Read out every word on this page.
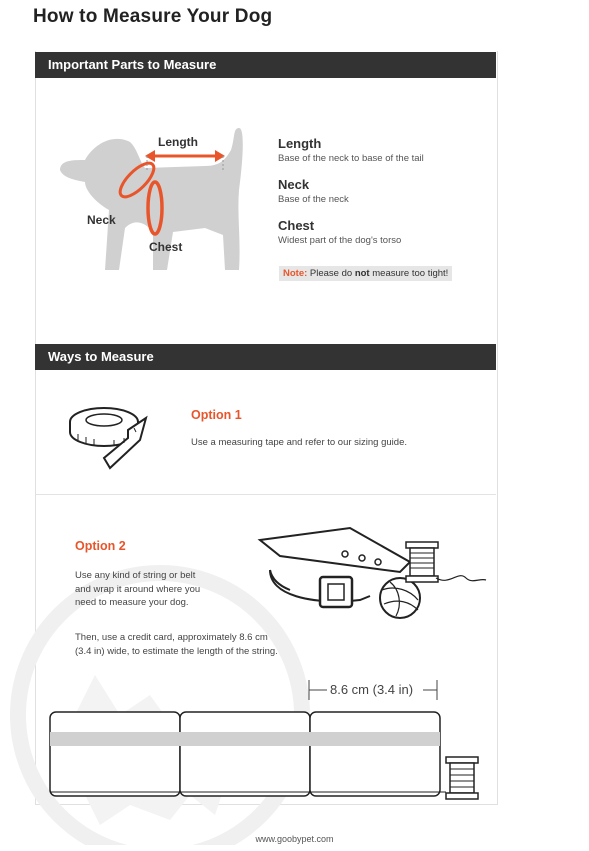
How to Measure Your Dog
Important Parts to Measure
Length
Neck
Chest
Length
Base of the neck to base of the tail
Neck
Base of the neck
Chest
Widest part of the dog's torso
Note: Please do not measure too tight!
Ways to Measure
Option 1
Use a measuring tape and refer to our sizing guide.
Option 2
Use any kind of string or belt
and wrap it around where you
need to measure your dog.
Then, use a credit card, approximately 8.6 cm
(3.4 in) wide, to estimate the length of the string.
8.6 cm (3.4 in)
www.goobypet.com
